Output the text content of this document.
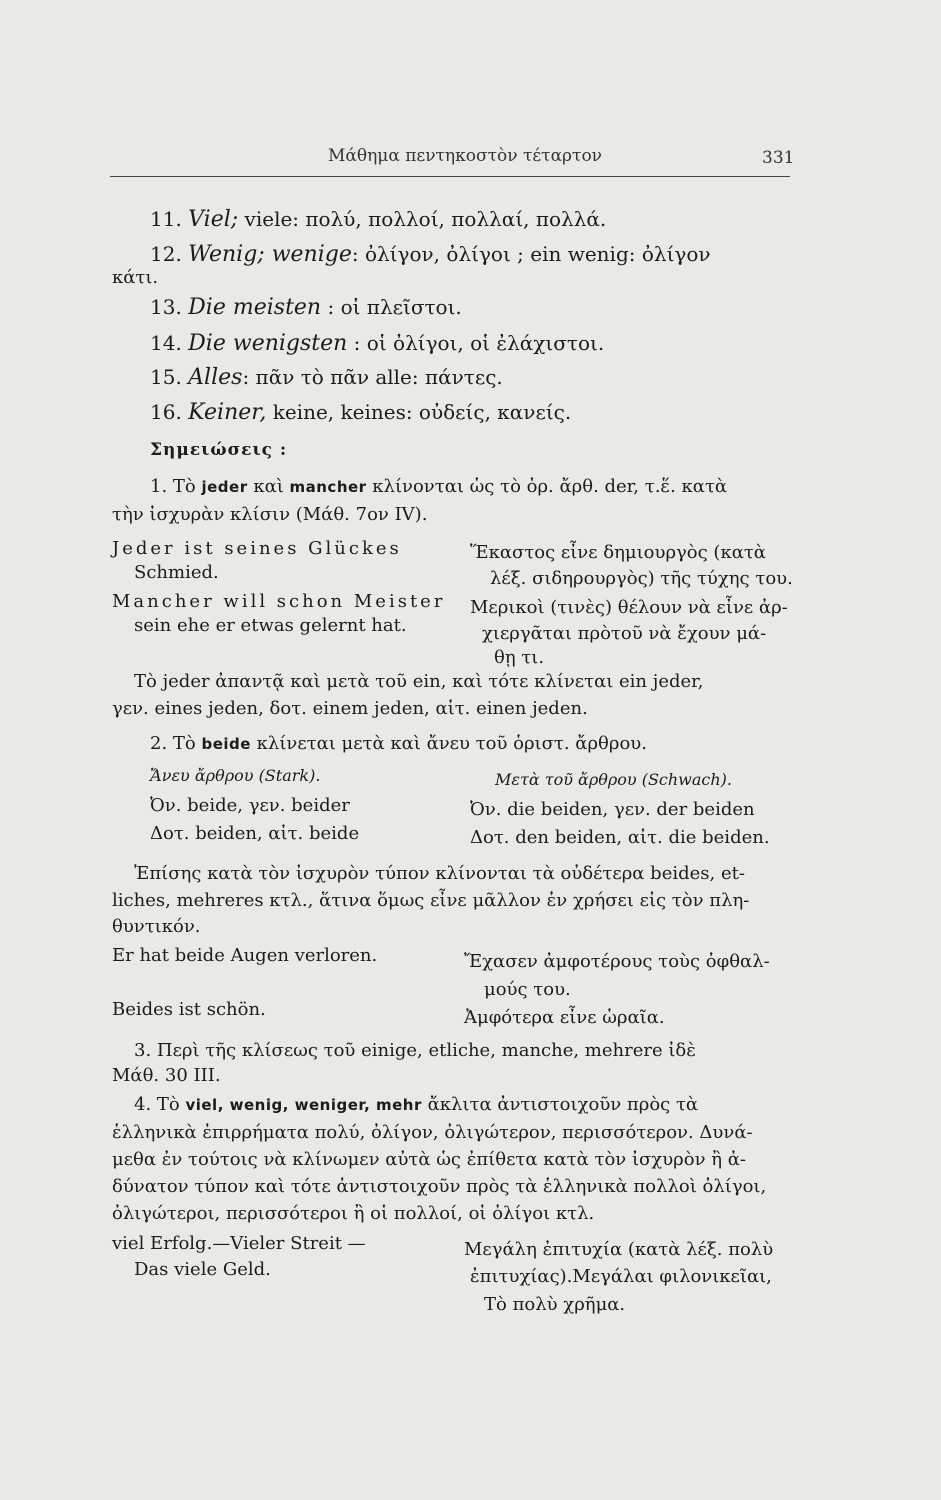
Μάθημα πεντηκοστὸν τέταρτον	331
11. Viel; viele: πολύ, πολλοί, πολλαί, πολλά.
12. Wenig; wenige: ὀλίγον, ὀλίγοι ; ein wenig: ὀλίγον
κάτι.
13. Die meisten : οἱ πλεῖστοι.
14. Die wenigsten : οἱ ὀλίγοι, οἱ ἐλάχιστοι.
15. Alles: πᾶν τὸ πᾶν alle: πάντες.
16. Keiner, keine, keines: οὐδείς, κανείς.
Σημειώσεις :
1. Τὸ jeder καὶ mancher κλίνονται ὡς τὸ ὁρ. ἄρθ. der, τ.ἕ. κατὰ
τὴν ἰσχυρὰν κλίσιν (Μάθ. 7ον IV).
Jeder ist seines Glückes
Schmied.
Mancher will schon Meister
sein ehe er etwas gelernt hat.
Ἕκαστος εἶνε δημιουργὸς (κατὰ
λέξ. σιδηρουργὸς) τῆς τύχης του.
Μερικοὶ (τινὲς) θέλουν νὰ εἶνε ἀρ-
χιεργᾶται πρὸτοῦ νὰ ἔχουν μά-
θῃ τι.
Τὸ jeder ἀπαντᾷ καὶ μετὰ τοῦ ein, καὶ τότε κλίνεται ein jeder,
γεν. eines jeden, δοτ. einem jeden, αἰτ. einen jeden.
2. Τὸ beide κλίνεται μετὰ καὶ ἄνευ τοῦ ὁριστ. ἄρθρου.
Ἄνευ ἄρθρου (Stark).	Μετὰ τοῦ ἄρθρου (Schwach).
Ὀν. beide, γεν. beider
Δοτ. beiden, αἰτ. beide
Ὀν. die beiden, γεν. der beiden
Δοτ. den beiden, αἰτ. die beiden.
Ἐπίσης κατὰ τὸν ἰσχυρὸν τύπον κλίνονται τὰ οὐδέτερα beides, et-
liches, mehreres κτλ., ἅτινα ὅμως εἶνε μᾶλλον ἐν χρήσει εἰς τὸν πλη-
θυντικόν.
Er hat beide Augen verloren.
Beides ist schön.
Ἔχασεν ἀμφοτέρους τοὺς ὀφθαλ-
μούς του.
Ἀμφότερα εἶνε ὡραῖα.
3. Περὶ τῆς κλίσεως τοῦ einige, etliche, manche, mehrere ἰδὲ
Μάθ. 30 III.
4. Τὸ viel, wenig, weniger, mehr ἄκλιτα ἀντιστοιχοῦν πρὸς τὰ
ἑλληνικὰ ἐπιρρήματα πολύ, ὀλίγον, ὀλιγώτερον, περισσότερον. Δυνά-
μεθα ἐν τούτοις νὰ κλίνωμεν αὐτὰ ὡς ἐπίθετα κατὰ τὸν ἰσχυρὸν ἢ ἀ-
δύνατον τύπον καὶ τότε ἀντιστοιχοῦν πρὸς τὰ ἑλληνικὰ πολλοὶ ὀλίγοι,
ὀλιγώτεροι, περισσότεροι ἢ οἱ πολλοί, οἱ ὀλίγοι κτλ.
viel Erfolg.—Vieler Streit —
Das viele Geld.
Μεγάλη ἐπιτυχία (κατὰ λέξ. πολὺ
ἐπιτυχίας).Μεγάλαι φιλονικεῖαι,
Τὸ πολὺ χρῆμα.
